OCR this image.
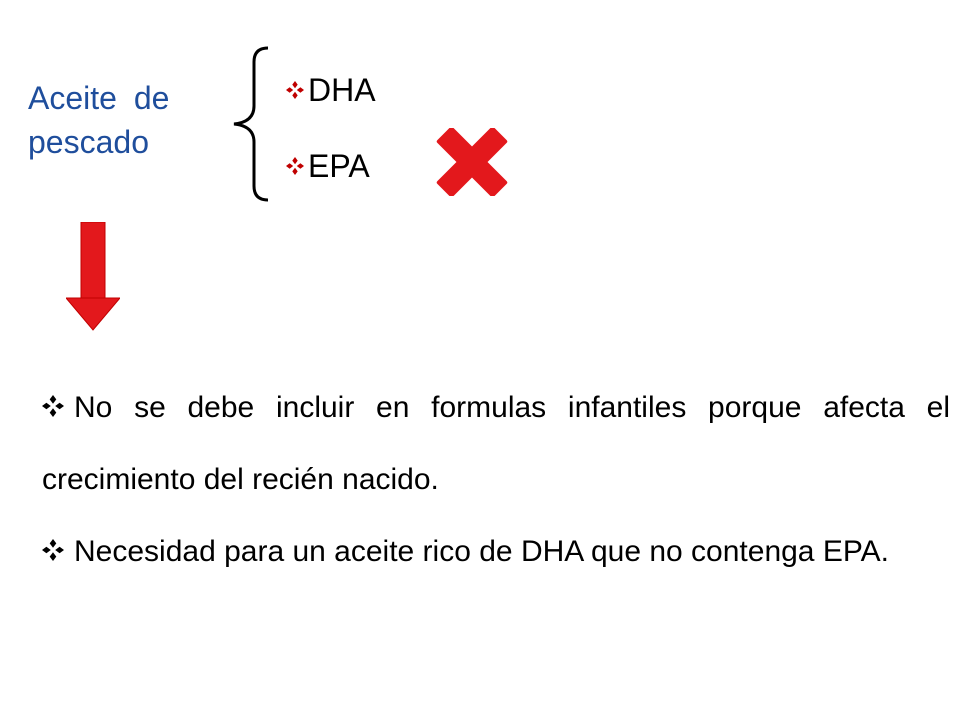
Aceite de pescado
DHA
EPA

No se debe incluir en formulas infantiles porque afecta el crecimiento del recién nacido.

Necesidad para un aceite rico de DHA que no contenga EPA.
